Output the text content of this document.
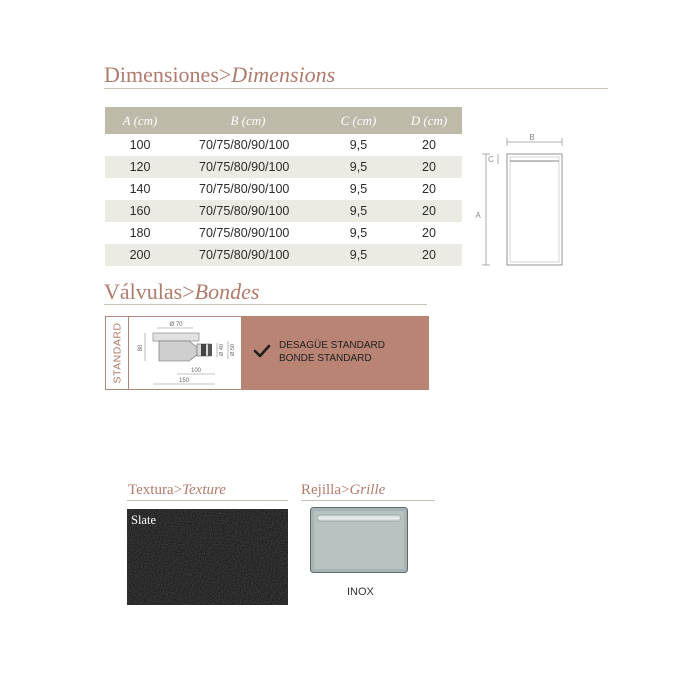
Dimensiones>Dimensions
A (cm)	B (cm)	C (cm)	D (cm)
100	70/75/80/90/100	9,5	20
120	70/75/80/90/100	9,5	20
140	70/75/80/90/100	9,5	20
160	70/75/80/90/100	9,5	20
180	70/75/80/90/100	9,5	20
200	70/75/80/90/100	9,5	20
B
C
A
Válvulas>Bondes
STANDARD	Ø 70
80	Ø 40 Ø 50
100
150
DESAGÜE STANDARD
BONDE STANDARD
Textura>Texture
Slate
Rejilla>Grille
INOX
